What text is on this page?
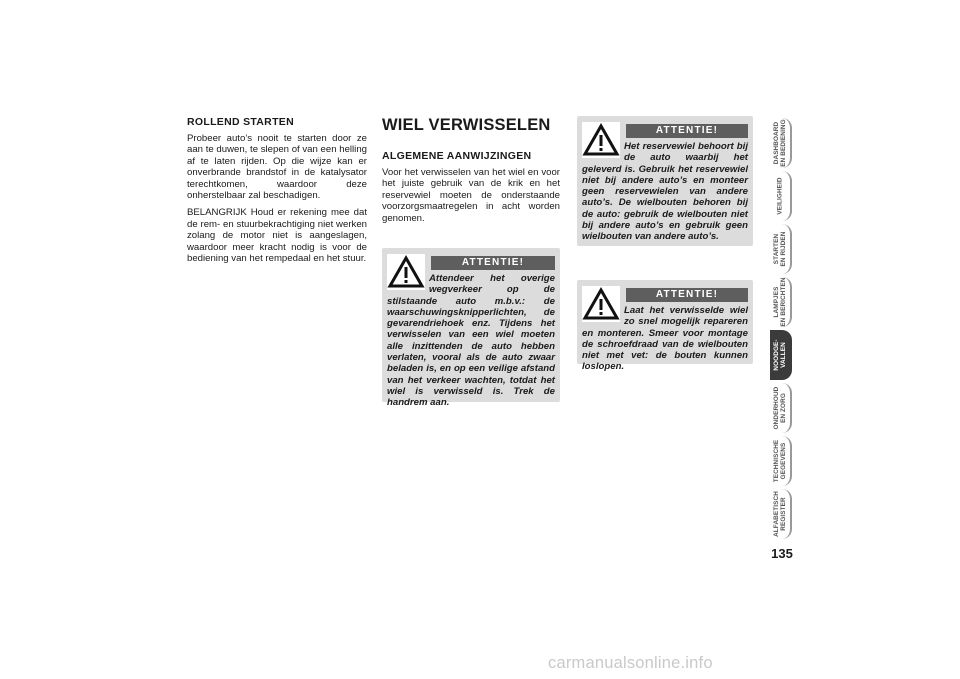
ROLLEND STARTEN

Probeer auto’s nooit te starten door ze aan te duwen, te slepen of van een helling af te laten rijden. Op die wijze kan er onverbrande brandstof in de katalysator terechtkomen, waardoor deze onherstelbaar zal beschadigen.

BELANGRIJK Houd er rekening mee dat de rem- en stuurbekrachtiging niet werken zolang de motor niet is aangeslagen, waardoor meer kracht nodig is voor de bediening van het rempedaal en het stuur.

WIEL VERWISSELEN
ALGEMENE AANWIJZINGEN

Voor het verwisselen van het wiel en voor het juiste gebruik van de krik en het reservewiel moeten de onderstaande voorzorgsmaatregelen in acht worden genomen.

ATTENTIE!

Attendeer het overige wegverkeer op de stilstaande auto m.b.v.: de waarschuwingsknipperlichten, de gevarendriehoek enz. Tijdens het verwisselen van een wiel moeten alle inzittenden de auto hebben verlaten, vooral als de auto zwaar beladen is, en op een veilige afstand van het verkeer wachten, totdat het wiel is verwisseld is. Trek de handrem aan.

ATTENTIE!

Het reservewiel behoort bij de auto waarbij het geleverd is. Gebruik het reservewiel niet bij andere auto’s en monteer geen reservewielen van andere auto’s. De wielbouten behoren bij de auto: gebruik de wielbouten niet bij andere auto’s en gebruik geen wielbouten van andere auto’s.

ATTENTIE!

Laat het verwisselde wiel zo snel mogelijk repareren en monteren. Smeer voor montage de schroefdraad van de wielbouten niet met vet: de bouten kunnen loslopen.

DASHBOARD EN BEDIENING
VEILIGHEID
STARTEN EN RIJDEN
LAMPJES EN BERICHTEN
NOODGE- VALLEN
ONDERHOUD EN ZORG
TECHNISCHE GEGEVENS
ALFABETISCH REGISTER
135
carmanualsonline.info
